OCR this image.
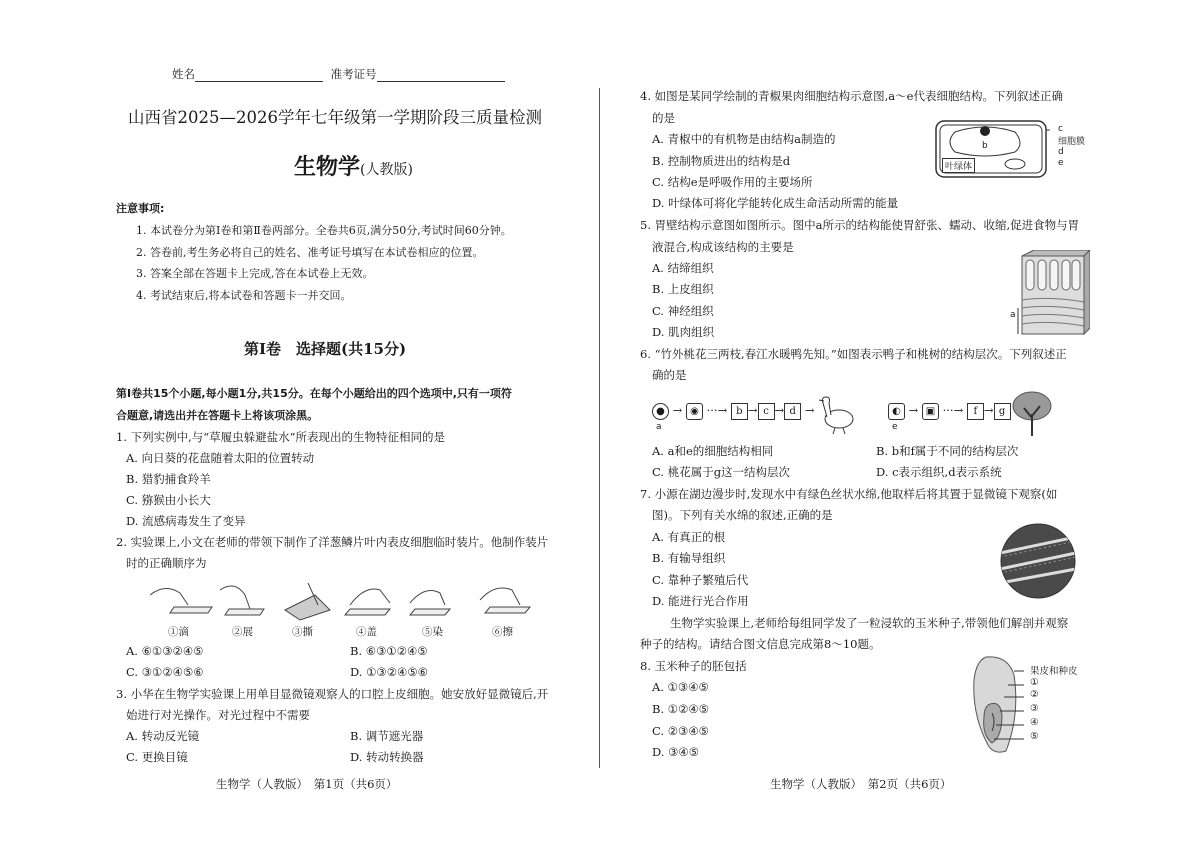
姓名	准考证号
山西省2025—2026学年七年级第一学期阶段三质量检测
生物学(人教版)
注意事项:
1. 本试卷分为第Ⅰ卷和第Ⅱ卷两部分。全卷共6页,满分50分,考试时间60分钟。
2. 答卷前,考生务必将自己的姓名、准考证号填写在本试卷相应的位置。
3. 答案全部在答题卡上完成,答在本试卷上无效。
4. 考试结束后,将本试卷和答题卡一并交回。
第Ⅰ卷　选择题(共15分)
第Ⅰ卷共15个小题,每小题1分,共15分。在每个小题给出的四个选项中,只有一项符
合题意,请选出并在答题卡上将该项涂黑。
1. 下列实例中,与“草履虫躲避盐水”所表现出的生物特征相同的是
A. 向日葵的花盘随着太阳的位置转动
B. 猎豹捕食羚羊
C. 猕猴由小长大
D. 流感病毒发生了变异
2. 实验课上,小文在老师的带领下制作了洋葱鳞片叶内表皮细胞临时装片。他制作装片
时的正确顺序为
①滴	②展	③撕	④盖	⑤染	⑥擦
A. ⑥①③②④⑤	B. ⑥③①②④⑤
C. ③①②④⑤⑥	D. ①③②④⑤⑥
3. 小华在生物学实验课上用单目显微镜观察人的口腔上皮细胞。她安放好显微镜后,开
始进行对光操作。对光过程中不需要
A. 转动反光镜	B. 调节遮光器
C. 更换目镜	D. 转动转换器
生物学（人教版）　第1页（共6页）
4. 如图是某同学绘制的青椒果肉细胞结构示意图,a～e代表细胞结构。下列叙述正确
的是
A. 青椒中的有机物是由结构a制造的
B. 控制物质进出的结构是d
C. 结构e是呼吸作用的主要场所
D. 叶绿体可将化学能转化成生命活动所需的能量
b
叶绿体
c
细胞膜
d
e
5. 胃壁结构示意图如图所示。图中a所示的结构能使胃舒张、蠕动、收缩,促进食物与胃
液混合,构成该结构的主要是
A. 结缔组织
B. 上皮组织
C. 神经组织
D. 肌肉组织
a
6. “竹外桃花三两枝,春江水暖鸭先知。”如图表示鸭子和桃树的结构层次。下列叙述正
确的是
● → ◉ ···→ b → c → d →
a
◐ → ▣ ···→ f → g
e
A. a和e的细胞结构相同	B. b和f属于不同的结构层次
C. 桃花属于g这一结构层次	D. c表示组织,d表示系统
7. 小源在湖边漫步时,发现水中有绿色丝状水绵,他取样后将其置于显微镜下观察(如
图)。下列有关水绵的叙述,正确的是
A. 有真正的根
B. 有输导组织
C. 靠种子繁殖后代
D. 能进行光合作用
生物学实验课上,老师给每组同学发了一粒浸软的玉米种子,带领他们解剖并观察
种子的结构。请结合图文信息完成第8～10题。
8. 玉米种子的胚包括
A. ①③④⑤
B. ①②④⑤
C. ②③④⑤
D. ③④⑤
果皮和种皮
①
②
③
④
⑤
生物学（人教版）　第2页（共6页）
